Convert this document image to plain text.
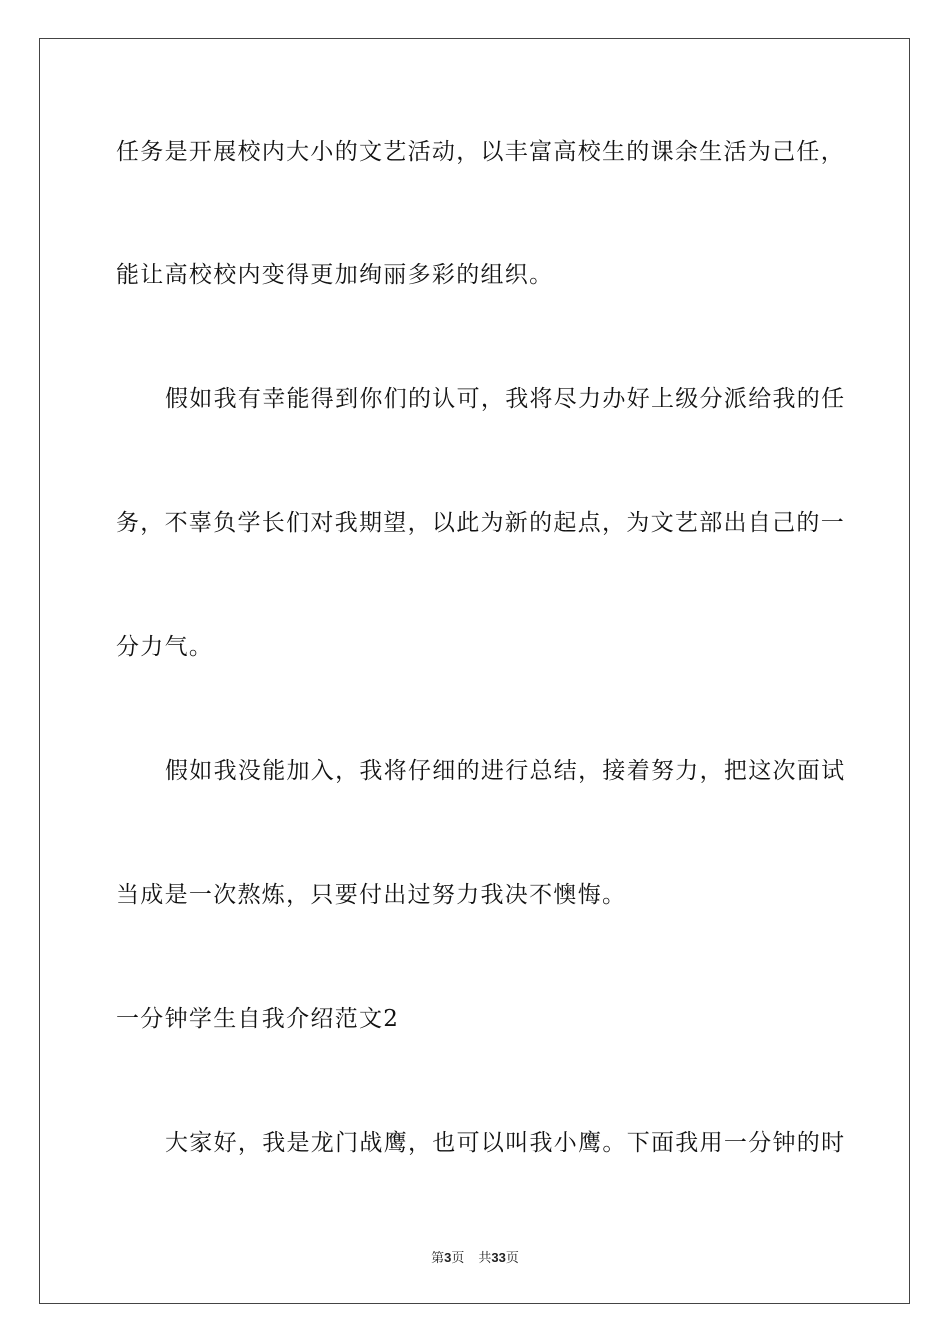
任务是开展校内大小的文艺活动，以丰富高校生的课余生活为己任，
能让高校校内变得更加绚丽多彩的组织。
假如我有幸能得到你们的认可，我将尽力办好上级分派给我的任
务，不辜负学长们对我期望，以此为新的起点，为文艺部出自己的一
分力气。
假如我没能加入，我将仔细的进行总结，接着努力，把这次面试
当成是一次熬炼，只要付出过努力我决不懊悔。
一分钟学生自我介绍范文2
大家好，我是龙门战鹰，也可以叫我小鹰。下面我用一分钟的时
第3页 共33页
